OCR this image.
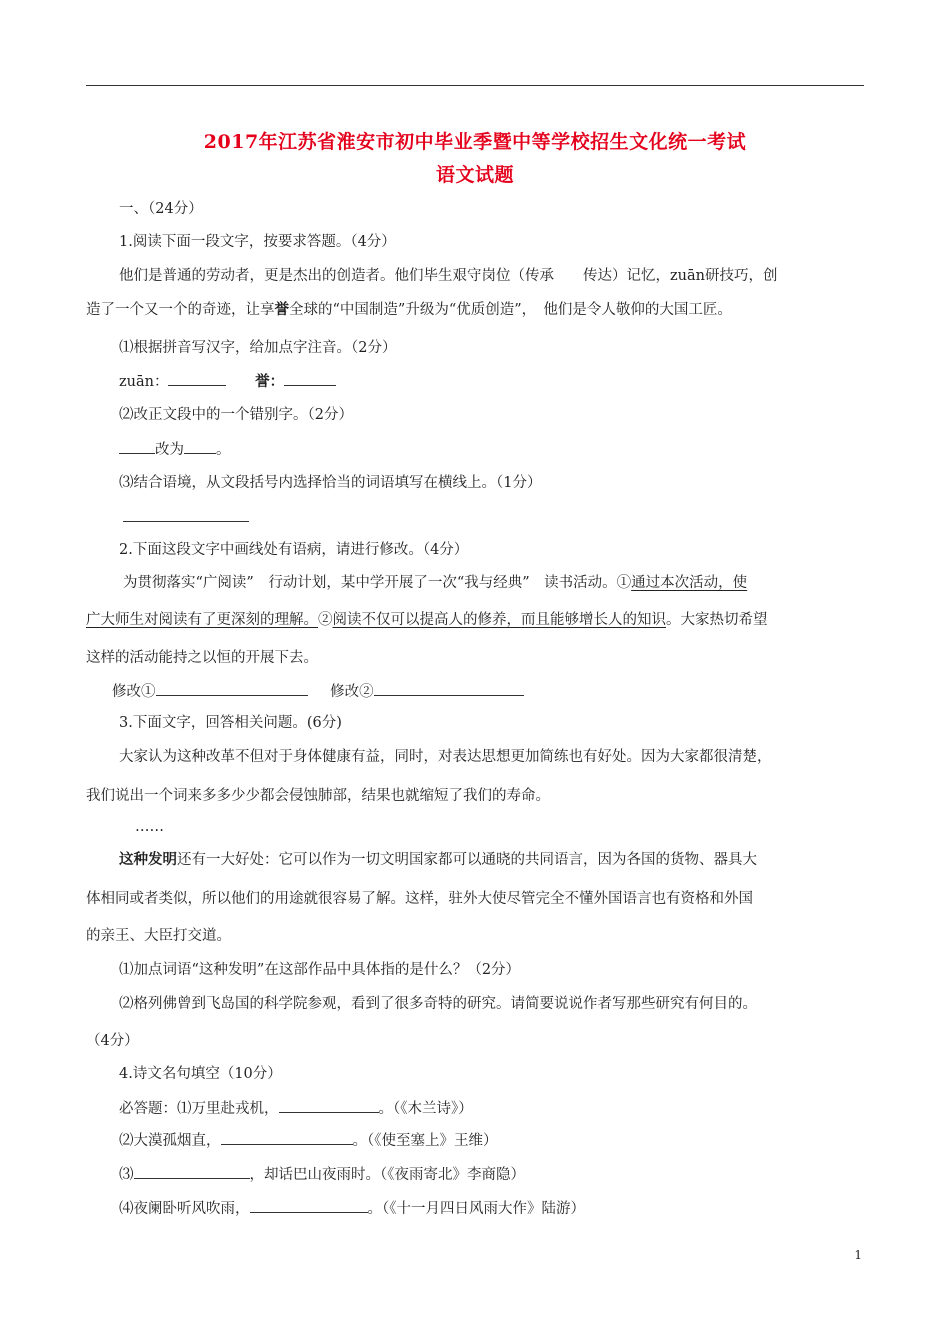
2017年江苏省淮安市初中毕业季暨中等学校招生文化统一考试
语文试题
一、（24分）
1.阅读下面一段文字，按要求答题。（4分）
他们是普通的劳动者，更是杰出的创造者。他们毕生艰守岗位（传承　　传达）记忆，zuān研技巧，创
造了一个又一个的奇迹，让享誉全球的“中国制造”升级为“优质创造”，　他们是令人敬仰的大国工匠。
⑴根据拼音写汉字，给加点字注音。（2分）
zuān：	誉：
⑵改正文段中的一个错别字。（2分）
改为 。
⑶结合语境，从文段括号内选择恰当的词语填写在横线上。（1分）
2.下面这段文字中画线处有语病，请进行修改。（4分）
为贯彻落实“广阅读”　行动计划，某中学开展了一次“我与经典”　读书活动。①通过本次活动，使
广大师生对阅读有了更深刻的理解。②阅读不仅可以提高人的修养，而且能够增长人的知识。大家热切希望
这样的活动能持之以恒的开展下去。
修改①	修改②
3.下面文字，回答相关问题。(6分)
大家认为这种改革不但对于身体健康有益，同时，对表达思想更加简练也有好处。因为大家都很清楚，
我们说出一个词来多多少少都会侵蚀肺部，结果也就缩短了我们的寿命。
……
这种发明还有一大好处：它可以作为一切文明国家都可以通晓的共同语言，因为各国的货物、器具大
体相同或者类似，所以他们的用途就很容易了解。这样，驻外大使尽管完全不懂外国语言也有资格和外国
的亲王、大臣打交道。
⑴加点词语“这种发明”在这部作品中具体指的是什么？（2分）
⑵格列佛曾到飞岛国的科学院参观，看到了很多奇特的研究。请简要说说作者写那些研究有何目的。
（4分）
4.诗文名句填空（10分）
必答题：⑴万里赴戎机，	。（《木兰诗》）
⑵大漠孤烟直，	。（《使至塞上》王维）
⑶	，却话巴山夜雨时。（《夜雨寄北》李商隐）
⑷夜阑卧听风吹雨，	。（《十一月四日风雨大作》陆游）
1
